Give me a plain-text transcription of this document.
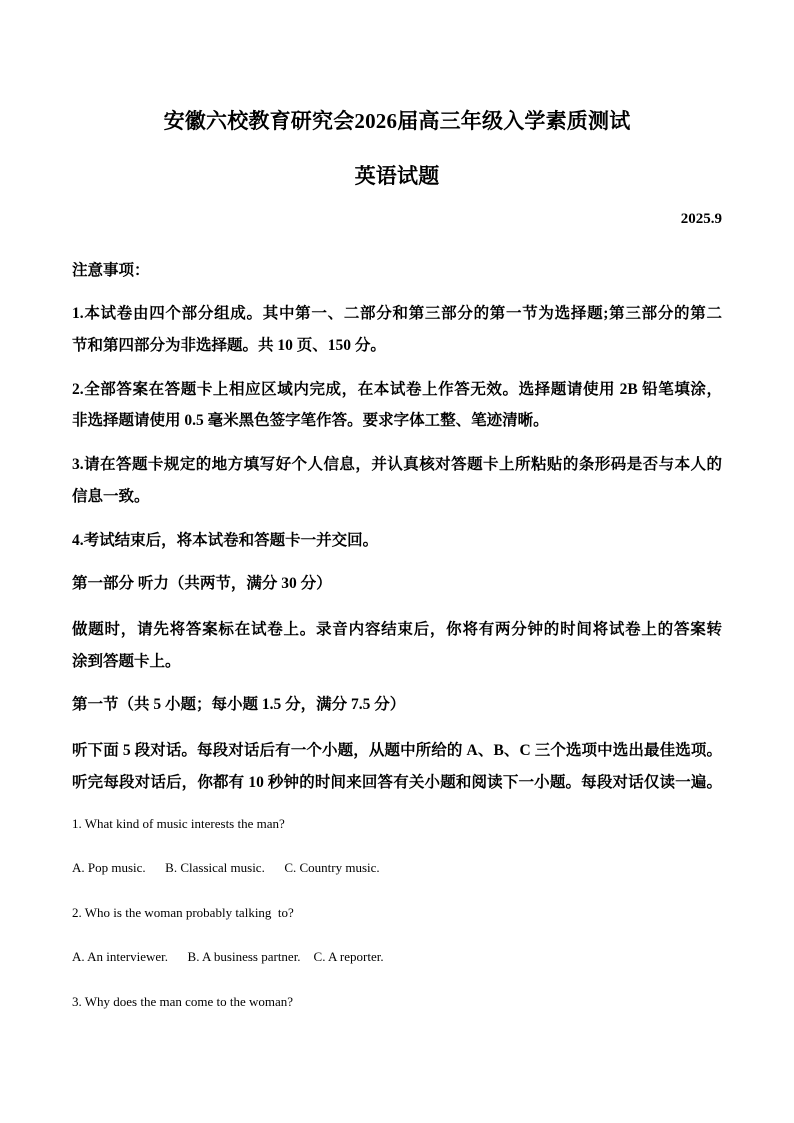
安徽六校教育研究会2026届高三年级入学素质测试
英语试题
2025.9
注意事项：
1.本试卷由四个部分组成。其中第一、二部分和第三部分的第一节为选择题;第三部分的第二
节和第四部分为非选择题。共 10 页、150 分。
2.全部答案在答题卡上相应区域内完成，在本试卷上作答无效。选择题请使用 2B 铅笔填涂，
非选择题请使用 0.5 毫米黑色签字笔作答。要求字体工整、笔迹清晰。
3.请在答题卡规定的地方填写好个人信息，并认真核对答题卡上所粘贴的条形码是否与本人的
信息一致。
4.考试结束后，将本试卷和答题卡一并交回。
第一部分 听力（共两节，满分 30 分）
做题时，请先将答案标在试卷上。录音内容结束后，你将有两分钟的时间将试卷上的答案转
涂到答题卡上。
第一节（共 5 小题；每小题 1.5 分，满分 7.5 分）
听下面 5 段对话。每段对话后有一个小题，从题中所给的 A、B、C 三个选项中选出最佳选项。
听完每段对话后，你都有 10 秒钟的时间来回答有关小题和阅读下一小题。每段对话仅读一遍。
1. What kind of music interests the man?
A. Pop music.      B. Classical music.      C. Country music.
2. Who is the woman probably talking  to?
A. An interviewer.      B. A business partner.    C. A reporter.
3. Why does the man come to the woman?
